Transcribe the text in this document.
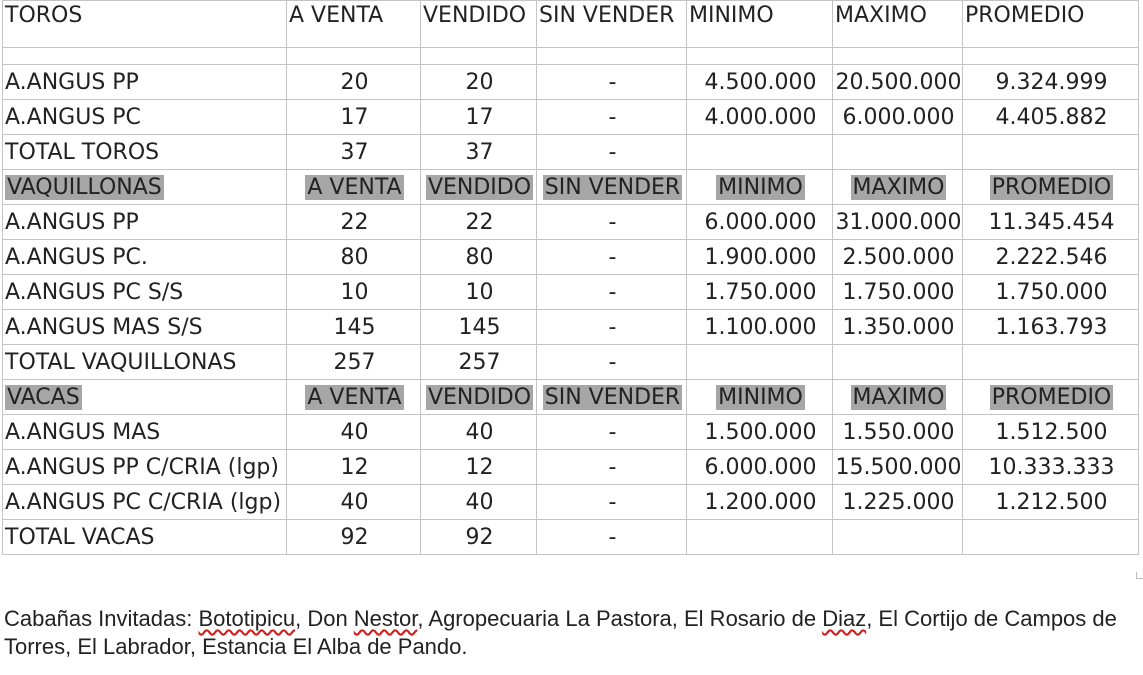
TOROS	A VENTA	VENDIDO	SIN VENDER	MINIMO	MAXIMO	PROMEDIO

A.ANGUS PP	20	20	-	4.500.000	20.500.000	9.324.999
A.ANGUS PC	17	17	-	4.000.000	6.000.000	4.405.882
TOTAL TOROS	37	37	-			
VAQUILLONAS	A VENTA	VENDIDO	SIN VENDER	MINIMO	MAXIMO	PROMEDIO
A.ANGUS PP	22	22	-	6.000.000	31.000.000	11.345.454
A.ANGUS PC.	80	80	-	1.900.000	2.500.000	2.222.546
A.ANGUS PC S/S	10	10	-	1.750.000	1.750.000	1.750.000
A.ANGUS MAS S/S	145	145	-	1.100.000	1.350.000	1.163.793
TOTAL VAQUILLONAS	257	257	-			
VACAS	A VENTA	VENDIDO	SIN VENDER	MINIMO	MAXIMO	PROMEDIO
A.ANGUS MAS	40	40	-	1.500.000	1.550.000	1.512.500
A.ANGUS PP C/CRIA (lgp)	12	12	-	6.000.000	15.500.000	10.333.333
A.ANGUS PC C/CRIA (lgp)	40	40	-	1.200.000	1.225.000	1.212.500
TOTAL VACAS	92	92	-			

Cabañas Invitadas: Bototipicu, Don Nestor, Agropecuaria La Pastora, El Rosario de Diaz, El Cortijo de Campos de Torres, El Labrador, Estancia El Alba de Pando.
